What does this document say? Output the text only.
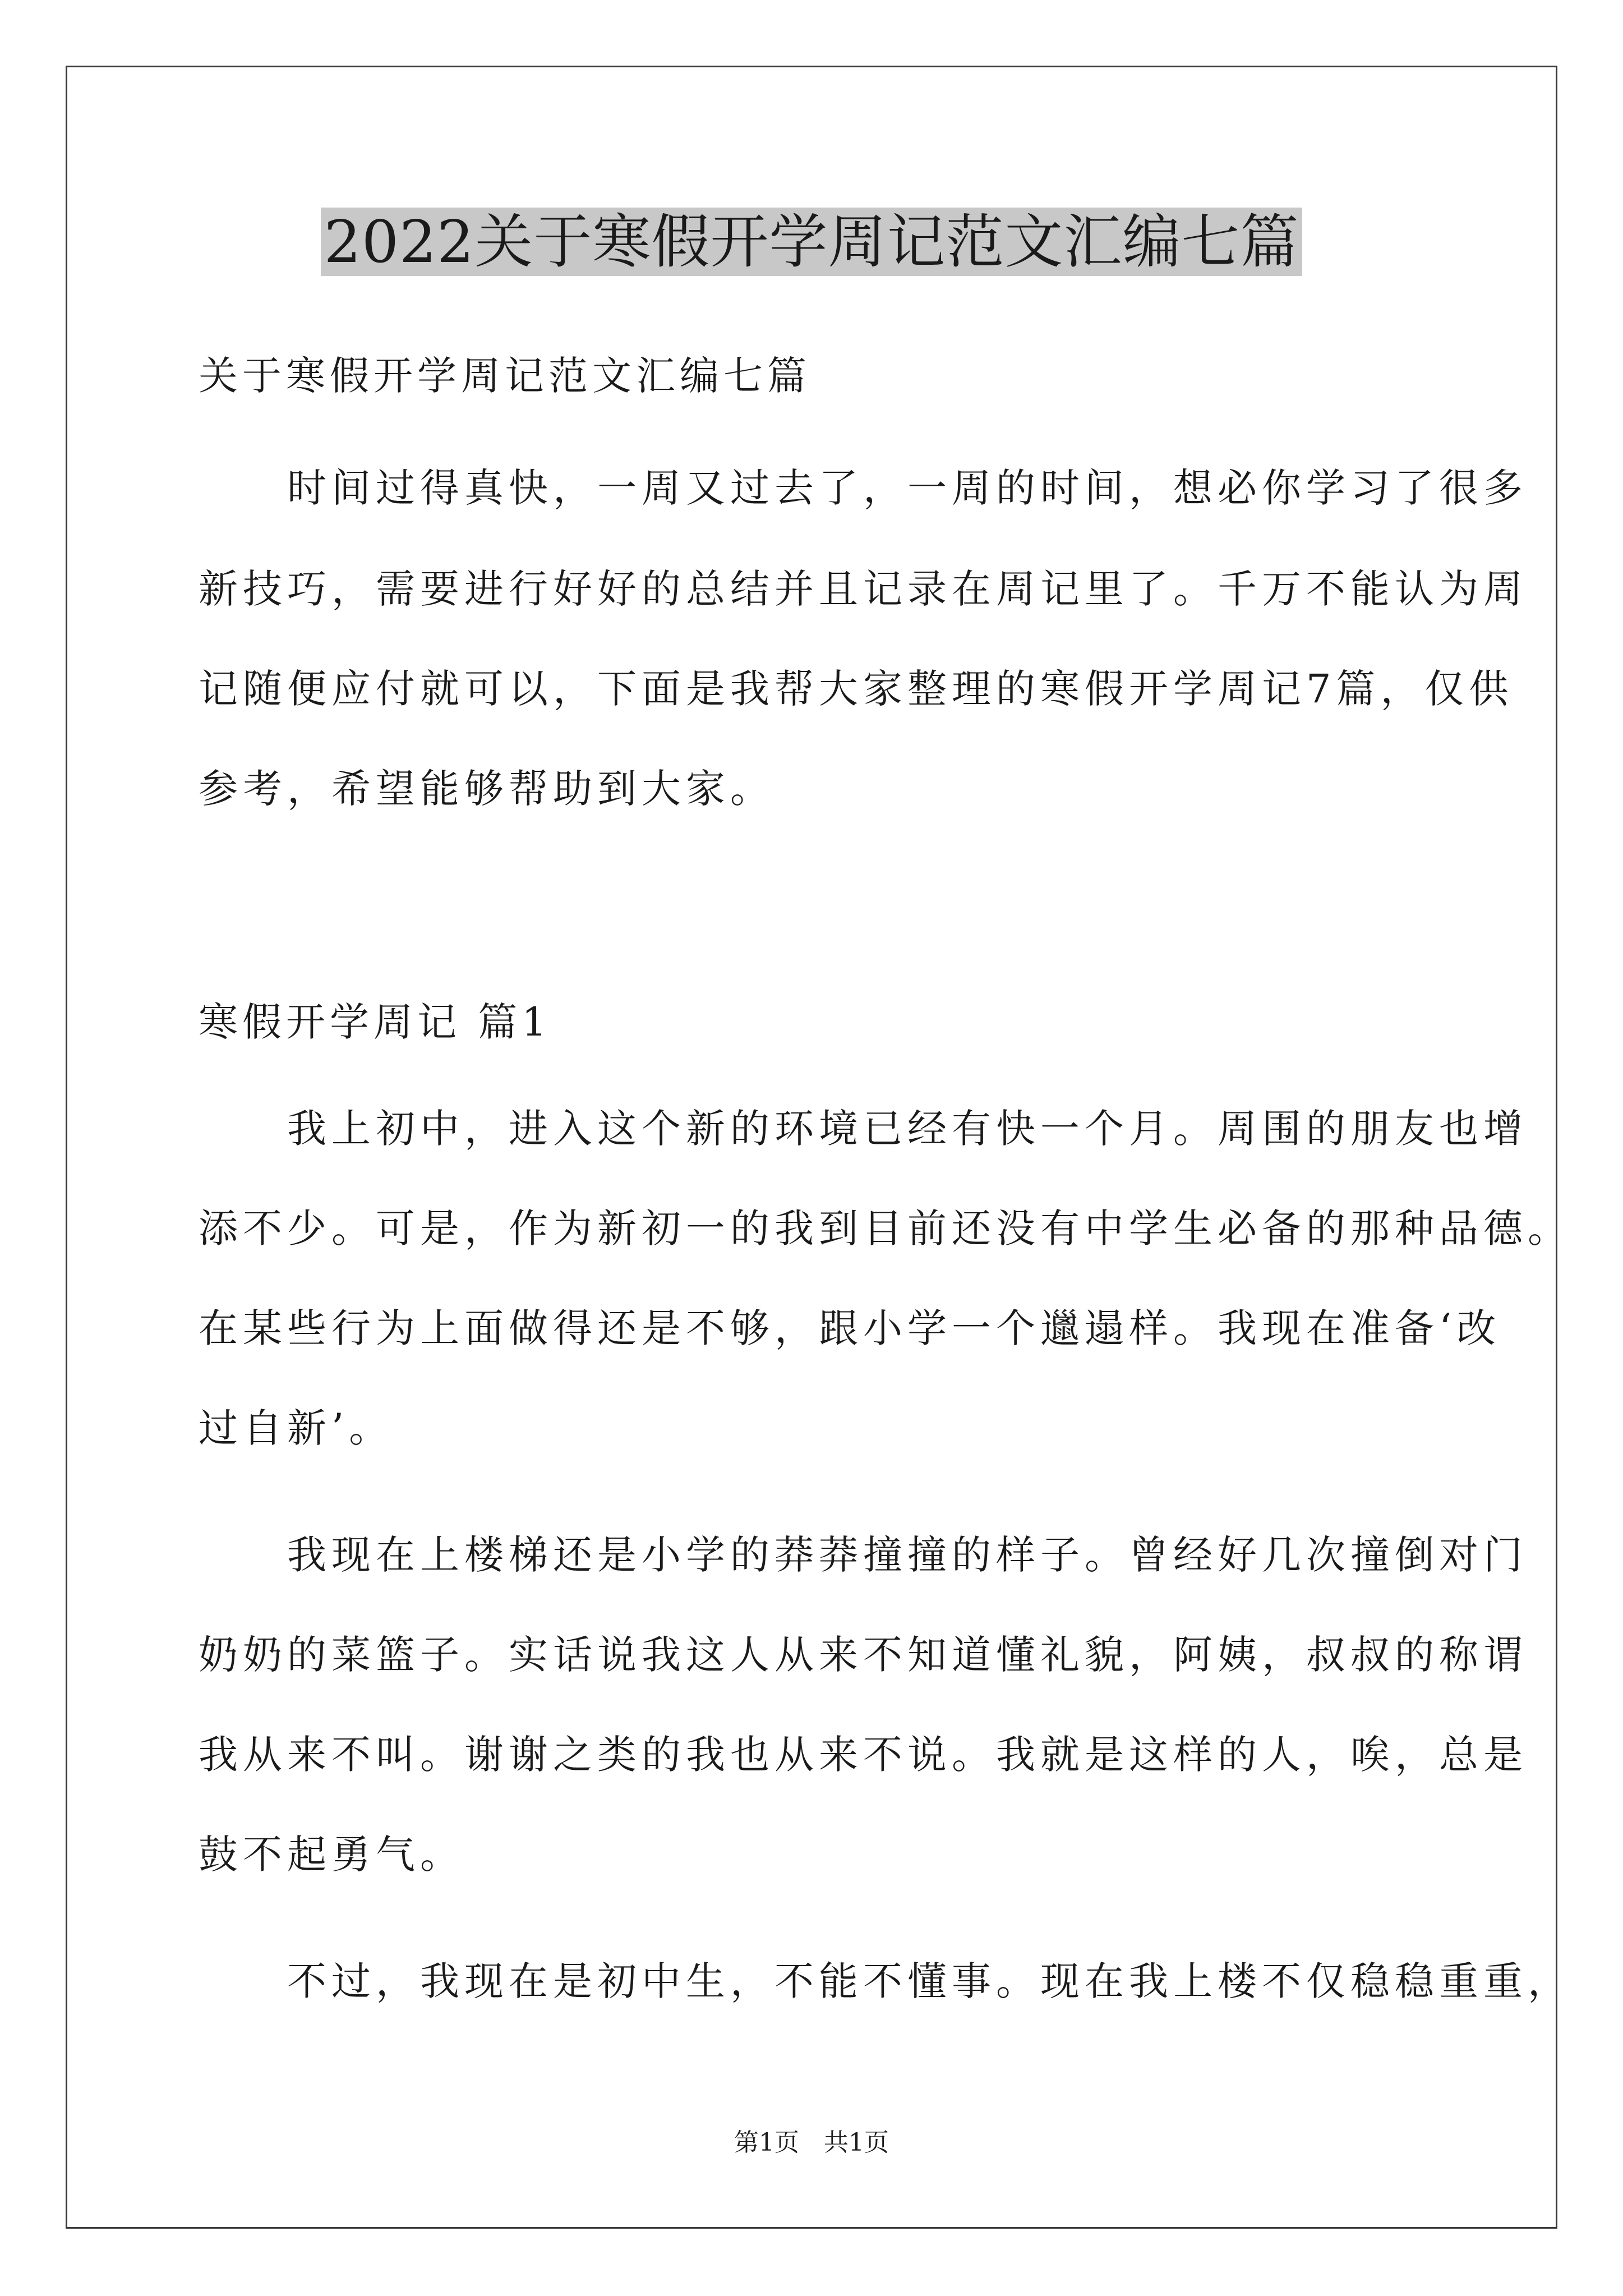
2022关于寒假开学周记范文汇编七篇
关于寒假开学周记范文汇编七篇
　　时间过得真快，一周又过去了，一周的时间，想必你学习了很多
新技巧，需要进行好好的总结并且记录在周记里了。千万不能认为周
记随便应付就可以，下面是我帮大家整理的寒假开学周记7篇，仅供
参考，希望能够帮助到大家。
寒假开学周记 篇1
　　我上初中，进入这个新的环境已经有快一个月。周围的朋友也增
添不少。可是，作为新初一的我到目前还没有中学生必备的那种品德。
在某些行为上面做得还是不够，跟小学一个邋遢样。我现在准备‘改
过自新’。
　　我现在上楼梯还是小学的莽莽撞撞的样子。曾经好几次撞倒对门
奶奶的菜篮子。实话说我这人从来不知道懂礼貌，阿姨，叔叔的称谓
我从来不叫。谢谢之类的我也从来不说。我就是这样的人，唉，总是
鼓不起勇气。
　　不过，我现在是初中生，不能不懂事。现在我上楼不仅稳稳重重，
第1页　共1页
